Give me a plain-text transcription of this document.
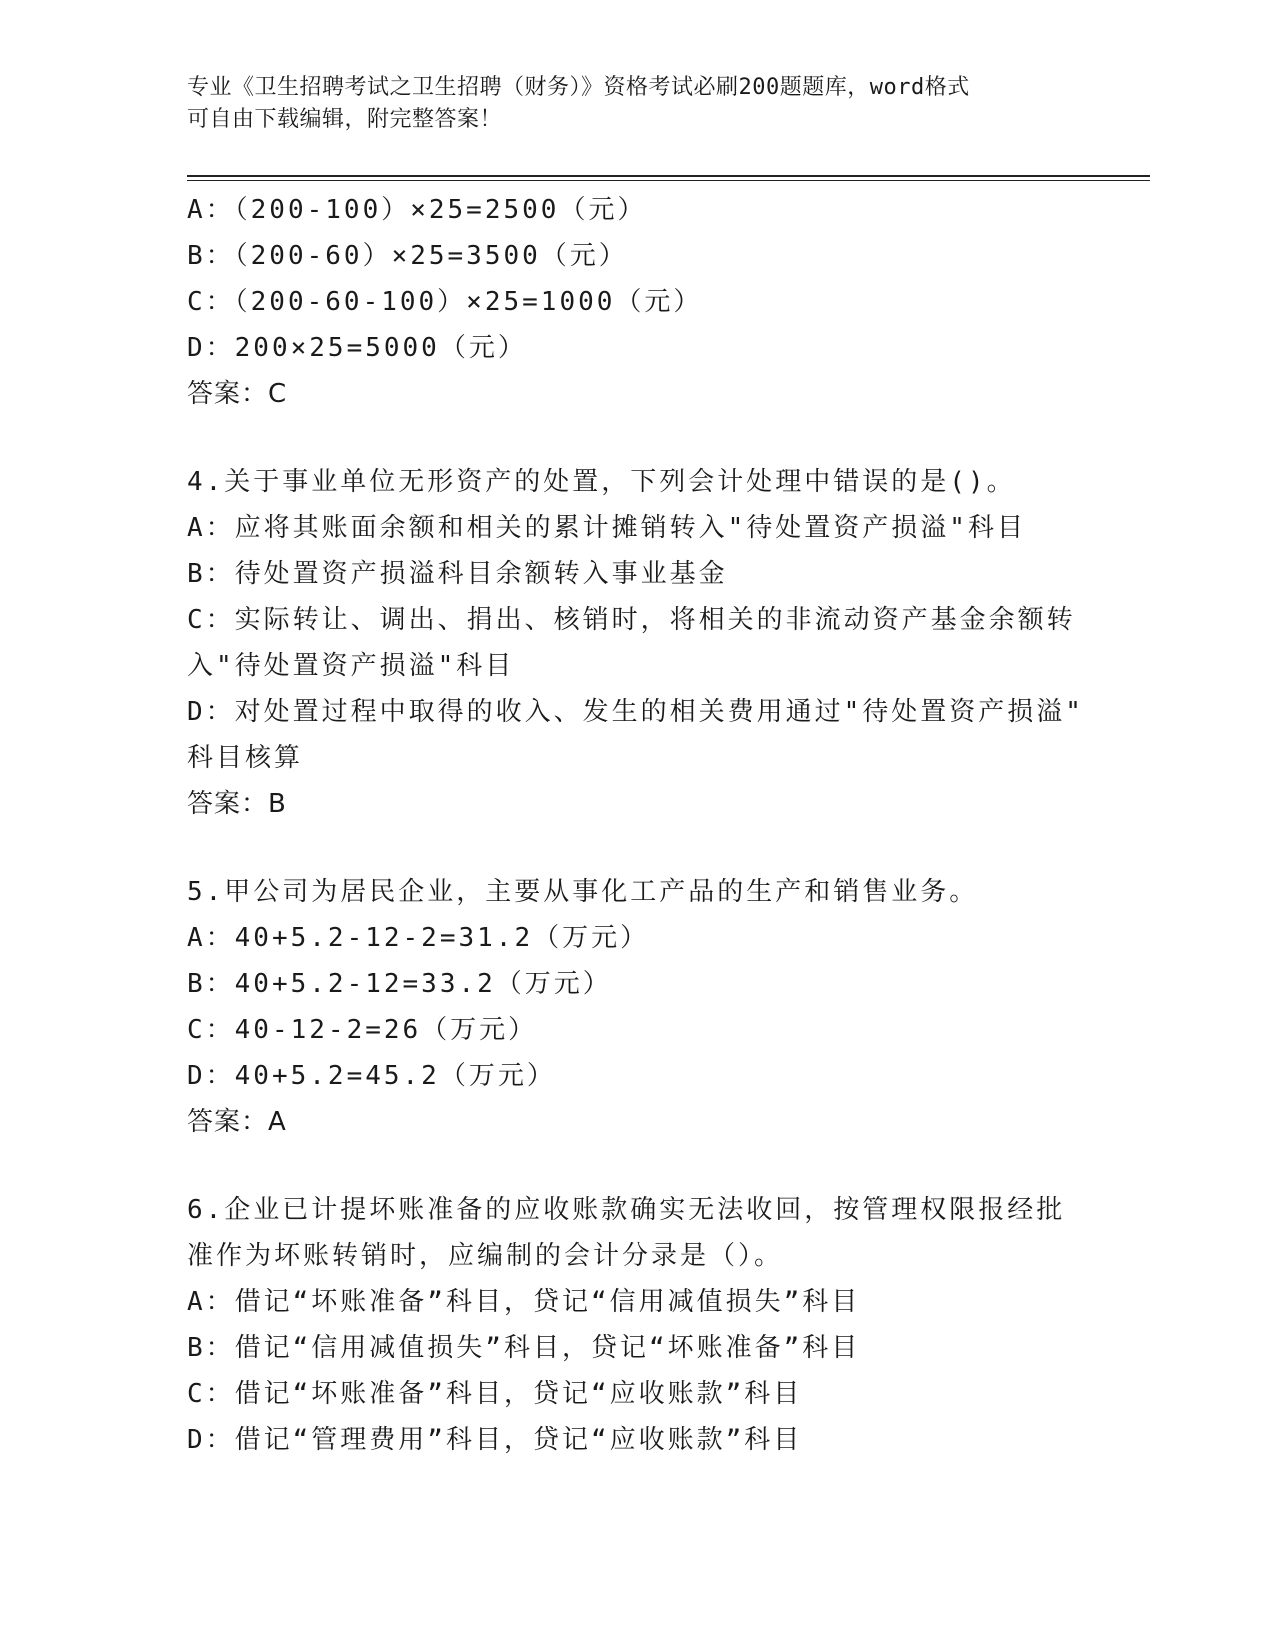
专业《卫生招聘考试之卫生招聘（财务）》资格考试必刷200题题库，word格式
可自由下载编辑，附完整答案！
A：（200-100）×25=2500（元）
B：（200-60）×25=3500（元）
C：（200-60-100）×25=1000（元）
D：200×25=5000（元）
答案：C
4.关于事业单位无形资产的处置，下列会计处理中错误的是()。
A：应将其账面余额和相关的累计摊销转入"待处置资产损溢"科目
B：待处置资产损溢科目余额转入事业基金
C：实际转让、调出、捐出、核销时，将相关的非流动资产基金余额转
入"待处置资产损溢"科目
D：对处置过程中取得的收入、发生的相关费用通过"待处置资产损溢"
科目核算
答案：B
5.甲公司为居民企业，主要从事化工产品的生产和销售业务。
A：40+5.2-12-2=31.2（万元）
B：40+5.2-12=33.2（万元）
C：40-12-2=26（万元）
D：40+5.2=45.2（万元）
答案：A
6.企业已计提坏账准备的应收账款确实无法收回，按管理权限报经批
准作为坏账转销时，应编制的会计分录是（）。
A：借记“坏账准备”科目，贷记“信用减值损失”科目
B：借记“信用减值损失”科目，贷记“坏账准备”科目
C：借记“坏账准备”科目，贷记“应收账款”科目
D：借记“管理费用”科目，贷记“应收账款”科目
